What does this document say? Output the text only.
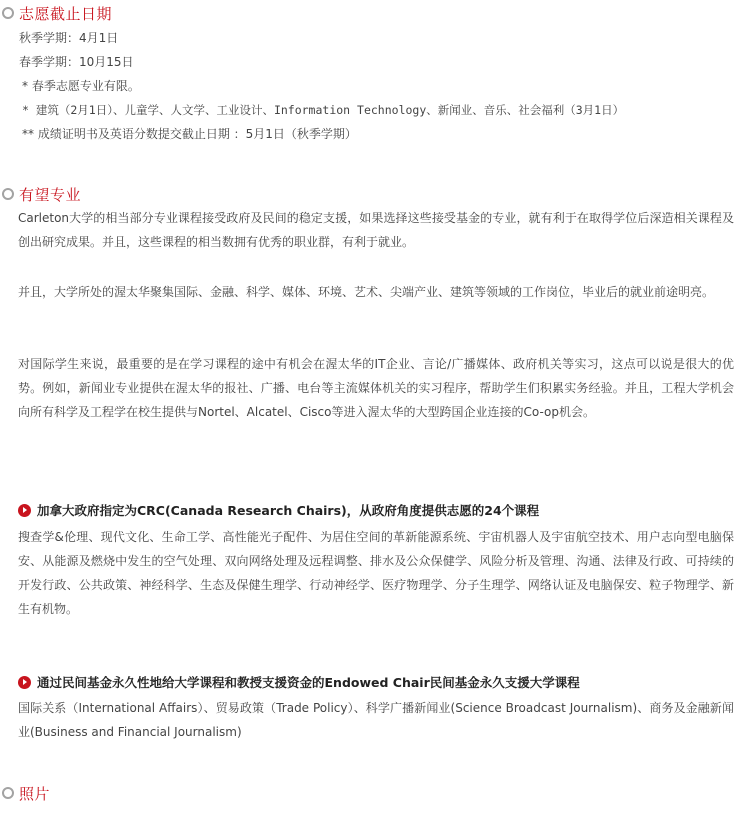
志愿截止日期
秋季学期：4月1日
春季学期：10月15日
* 春季志愿专业有限。
* 建筑（2月1日）、儿童学、人文学、工业设计、Information Technology、新闻业、音乐、社会福利（3月1日）
** 成绩证明书及英语分数提交截止日期 ：5月1日（秋季学期）
有望专业
Carleton大学的相当部分专业课程接受政府及民间的稳定支援，如果选择这些接受基金的专业，就有利于在取得学位后深造相关课程及创出研究成果。并且，这些课程的相当数拥有优秀的职业群，有利于就业。
并且，大学所处的渥太华聚集国际、金融、科学、媒体、环境、艺术、尖端产业、建筑等领域的工作岗位，毕业后的就业前途明亮。
对国际学生来说，最重要的是在学习课程的途中有机会在渥太华的IT企业、言论/广播媒体、政府机关等实习，这点可以说是很大的优势。例如，新闻业专业提供在渥太华的报社、广播、电台等主流媒体机关的实习程序，帮助学生们积累实务经验。并且，工程大学机会向所有科学及工程学在校生提供与Nortel、Alcatel、Cisco等进入渥太华的大型跨国企业连接的Co-op机会。
加拿大政府指定为CRC(Canada Research Chairs)，从政府角度提供志愿的24个课程
搜查学&伦理、现代文化、生命工学、高性能光子配件、为居住空间的革新能源系统、宇宙机器人及宇宙航空技术、用户志向型电脑保安、从能源及燃烧中发生的空气处理、双向网络处理及远程调整、排水及公众保健学、风险分析及管理、沟通、法律及行政、可持续的开发行政、公共政策、神经科学、生态及保健生理学、行动神经学、医疗物理学、分子生理学、网络认证及电脑保安、粒子物理学、新生有机物。
通过民间基金永久性地给大学课程和教授支援资金的Endowed Chair民间基金永久支援大学课程
国际关系（International Affairs）、贸易政策（Trade Policy）、科学广播新闻业(Science Broadcast Journalism)、商务及金融新闻业(Business and Financial Journalism)
照片
